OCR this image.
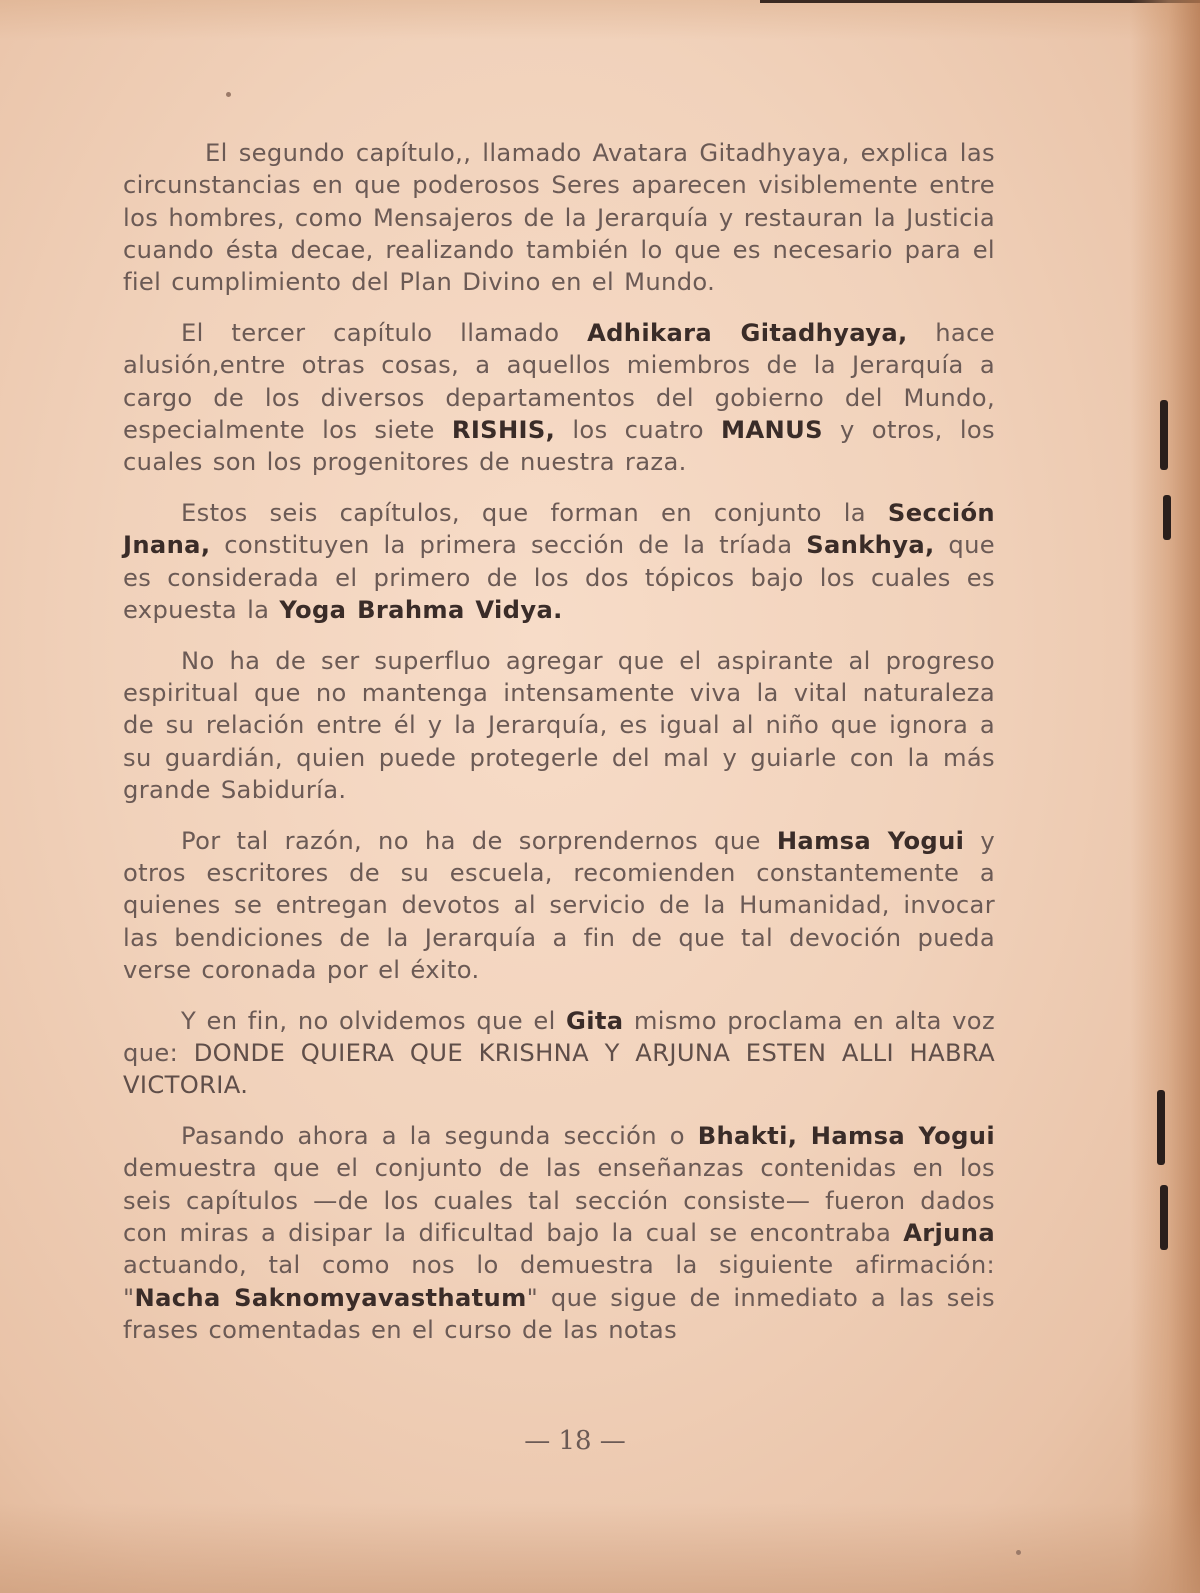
El segundo capítulo,, llamado Avatara Gitadhyaya, explica las circunstancias en que poderosos Seres aparecen visiblemente entre los hombres, como Mensajeros de la Jerarquía y restauran la Justicia cuando ésta decae, realizando también lo que es necesario para el fiel cumplimiento del Plan Divino en el Mundo.

El tercer capítulo llamado Adhikara Gitadhyaya, hace alusión,entre otras cosas, a aquellos miembros de la Jerarquía a cargo de los diversos departamentos del gobierno del Mundo, especialmente los siete RISHIS, los cuatro MANUS y otros, los cuales son los progenitores de nuestra raza.

Estos seis capítulos, que forman en conjunto la Sección Jnana, constituyen la primera sección de la tríada Sankhya, que es considerada el primero de los dos tópicos bajo los cuales es expuesta la Yoga Brahma Vidya.

No ha de ser superfluo agregar que el aspirante al progreso espiritual que no mantenga intensamente viva la vital naturaleza de su relación entre él y la Jerarquía, es igual al niño que ignora a su guardián, quien puede protegerle del mal y guiarle con la más grande Sabiduría.

Por tal razón, no ha de sorprendernos que Hamsa Yogui y otros escritores de su escuela, recomienden constantemente a quienes se entregan devotos al servicio de la Humanidad, invocar las bendiciones de la Jerarquía a fin de que tal devoción pueda verse coronada por el éxito.

Y en fin, no olvidemos que el Gita mismo proclama en alta voz que: DONDE QUIERA QUE KRISHNA Y ARJUNA ESTEN ALLI HABRA VICTORIA.

Pasando ahora a la segunda sección o Bhakti, Hamsa Yogui demuestra que el conjunto de las enseñanzas contenidas en los seis capítulos —de los cuales tal sección consiste— fueron dados con miras a disipar la dificultad bajo la cual se encontraba Arjuna actuando, tal como nos lo demuestra la siguiente afirmación: "Nacha Saknomyavasthatum" que sigue de inmediato a las seis frases comentadas en el curso de las notas

— 18 —
